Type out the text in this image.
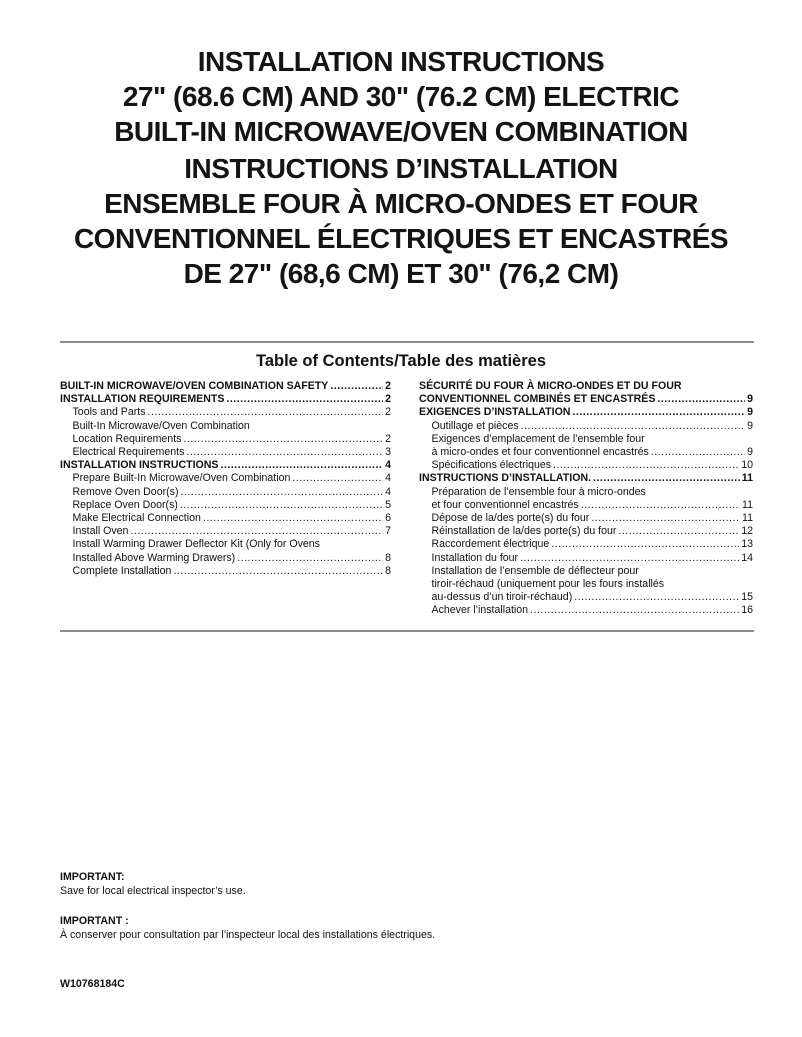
INSTALLATION INSTRUCTIONS
27" (68.6 CM) AND 30" (76.2 CM) ELECTRIC
BUILT-IN MICROWAVE/OVEN COMBINATION
INSTRUCTIONS D’INSTALLATION
ENSEMBLE FOUR À MICRO-ONDES ET FOUR
CONVENTIONNEL ÉLECTRIQUES ET ENCASTRÉS
DE 27" (68,6 CM) ET 30" (76,2 CM)
Table of Contents/Table des matières
BUILT-IN MICROWAVE/OVEN COMBINATION SAFETY .....	2
INSTALLATION REQUIREMENTS .....	2
Tools and Parts .....	2
Built-In Microwave/Oven Combination
Location Requirements .....	2
Electrical Requirements .....	3
INSTALLATION INSTRUCTIONS .....	4
Prepare Built-In Microwave/Oven Combination .....	4
Remove Oven Door(s) .....	4
Replace Oven Door(s) .....	5
Make Electrical Connection .....	6
Install Oven .....	7
Install Warming Drawer Deflector Kit (Only for Ovens
Installed Above Warming Drawers) .....	8
Complete Installation .....	8
SÉCURITÉ DU FOUR À MICRO-ONDES ET DU FOUR
CONVENTIONNEL COMBINÉS ET ENCASTRÉS .....	9
EXIGENCES D’INSTALLATION .....	9
Outillage et pièces .....	9
Exigences d’emplacement de l’ensemble four
à micro-ondes et four conventionnel encastrés .....	9
Spécifications électriques .....	10
INSTRUCTIONS D’INSTALLATION. .....	11
Préparation de l’ensemble four à micro-ondes
et four conventionnel encastrés .....	11
Dépose de la/des porte(s) du four .....	11
Réinstallation de la/des porte(s) du four .....	12
Raccordement électrique .....	13
Installation du four .....	14
Installation de l’ensemble de déflecteur pour
tiroir-réchaud (uniquement pour les fours installés
au-dessus d’un tiroir-réchaud) .....	15
Achever l’installation .....	16
IMPORTANT:
Save for local electrical inspector’s use.
IMPORTANT :
À conserver pour consultation par l’inspecteur local des installations électriques.
W10768184C
